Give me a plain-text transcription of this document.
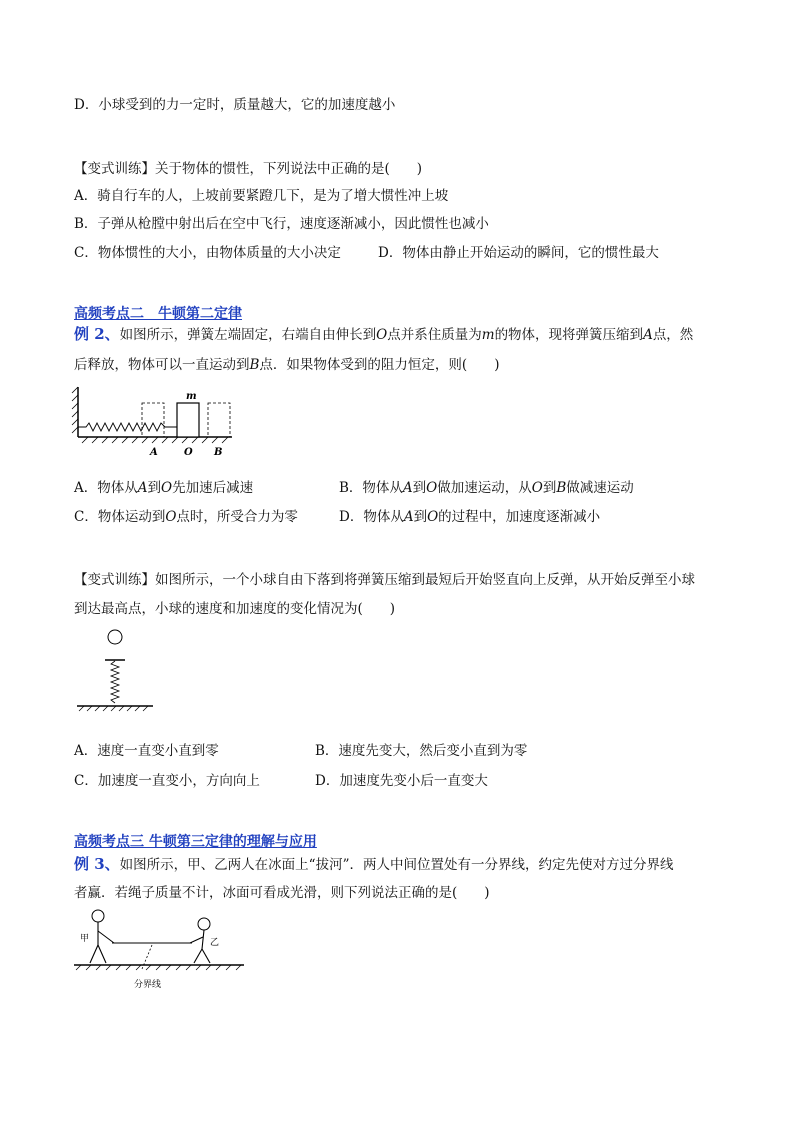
D．小球受到的力一定时，质量越大，它的加速度越小
【变式训练】关于物体的惯性，下列说法中正确的是(　　)
A．骑自行车的人，上坡前要紧蹬几下，是为了增大惯性冲上坡
B．子弹从枪膛中射出后在空中飞行，速度逐渐减小，因此惯性也减小
C．物体惯性的大小，由物体质量的大小决定	D．物体由静止开始运动的瞬间，它的惯性最大
高频考点二　牛顿第二定律
例 2、如图所示，弹簧左端固定，右端自由伸长到O点并系住质量为m的物体，现将弹簧压缩到A点，然
后释放，物体可以一直运动到B点．如果物体受到的阻力恒定，则(　　)
m
A	O B
A．物体从A到O先加速后减速	B．物体从A到O做加速运动，从O到B做减速运动
C．物体运动到O点时，所受合力为零	D．物体从A到O的过程中，加速度逐渐减小
【变式训练】如图所示，一个小球自由下落到将弹簧压缩到最短后开始竖直向上反弹，从开始反弹至小球
到达最高点，小球的速度和加速度的变化情况为(　　)
A．速度一直变小直到零	B．速度先变大，然后变小直到为零
C．加速度一直变小，方向向上	D．加速度先变小后一直变大
高频考点三 牛顿第三定律的理解与应用
例 3、如图所示，甲、乙两人在冰面上“拔河”．两人中间位置处有一分界线，约定先使对方过分界线
者赢．若绳子质量不计，冰面可看成光滑，则下列说法正确的是(　　)
甲	乙
分界线
